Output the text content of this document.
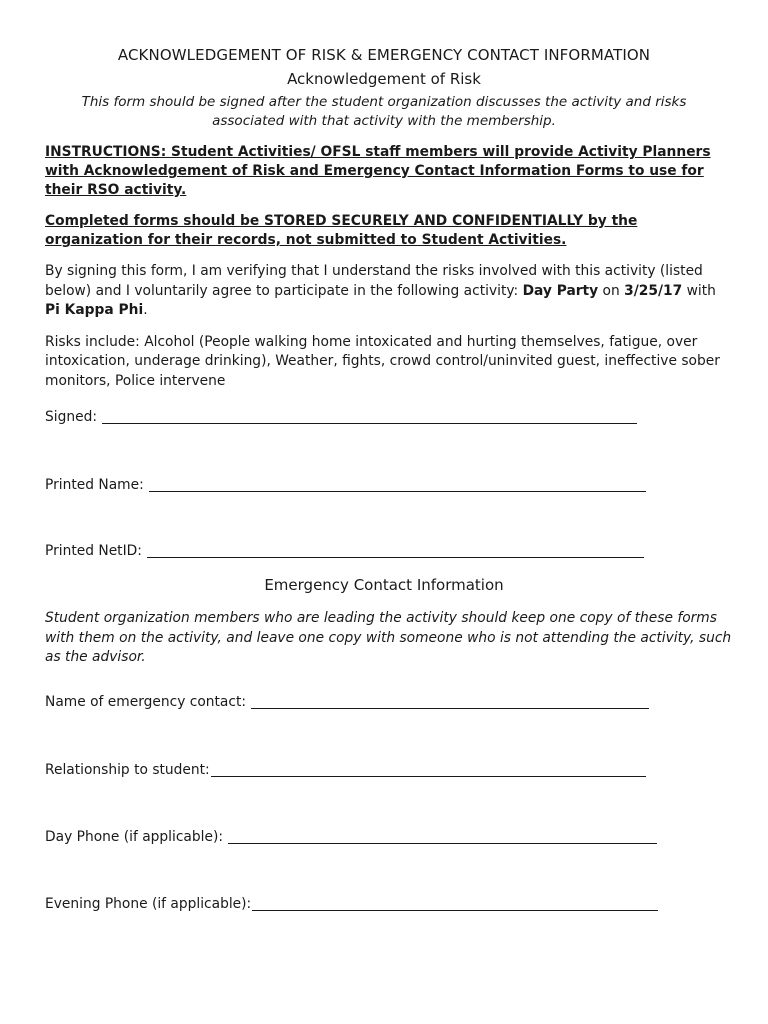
ACKNOWLEDGEMENT OF RISK & EMERGENCY CONTACT INFORMATION

Acknowledgement of Risk

This form should be signed after the student organization discusses the activity and risks associated with that activity with the membership.

INSTRUCTIONS: Student Activities/ OFSL staff members will provide Activity Planners with Acknowledgement of Risk and Emergency Contact Information Forms to use for their RSO activity.

Completed forms should be STORED SECURELY AND CONFIDENTIALLY by the organization for their records, not submitted to Student Activities.

By signing this form, I am verifying that I understand the risks involved with this activity (listed below) and I voluntarily agree to participate in the following activity: Day Party on 3/25/17 with Pi Kappa Phi.

Risks include: Alcohol (People walking home intoxicated and hurting themselves, fatigue, over intoxication, underage drinking), Weather, fights, crowd control/uninvited guest, ineffective sober monitors, Police intervene

Signed:
Printed Name:
Printed NetID:

Emergency Contact Information

Student organization members who are leading the activity should keep one copy of these forms with them on the activity, and leave one copy with someone who is not attending the activity, such as the advisor.

Name of emergency contact:
Relationship to student:
Day Phone (if applicable):
Evening Phone (if applicable):
